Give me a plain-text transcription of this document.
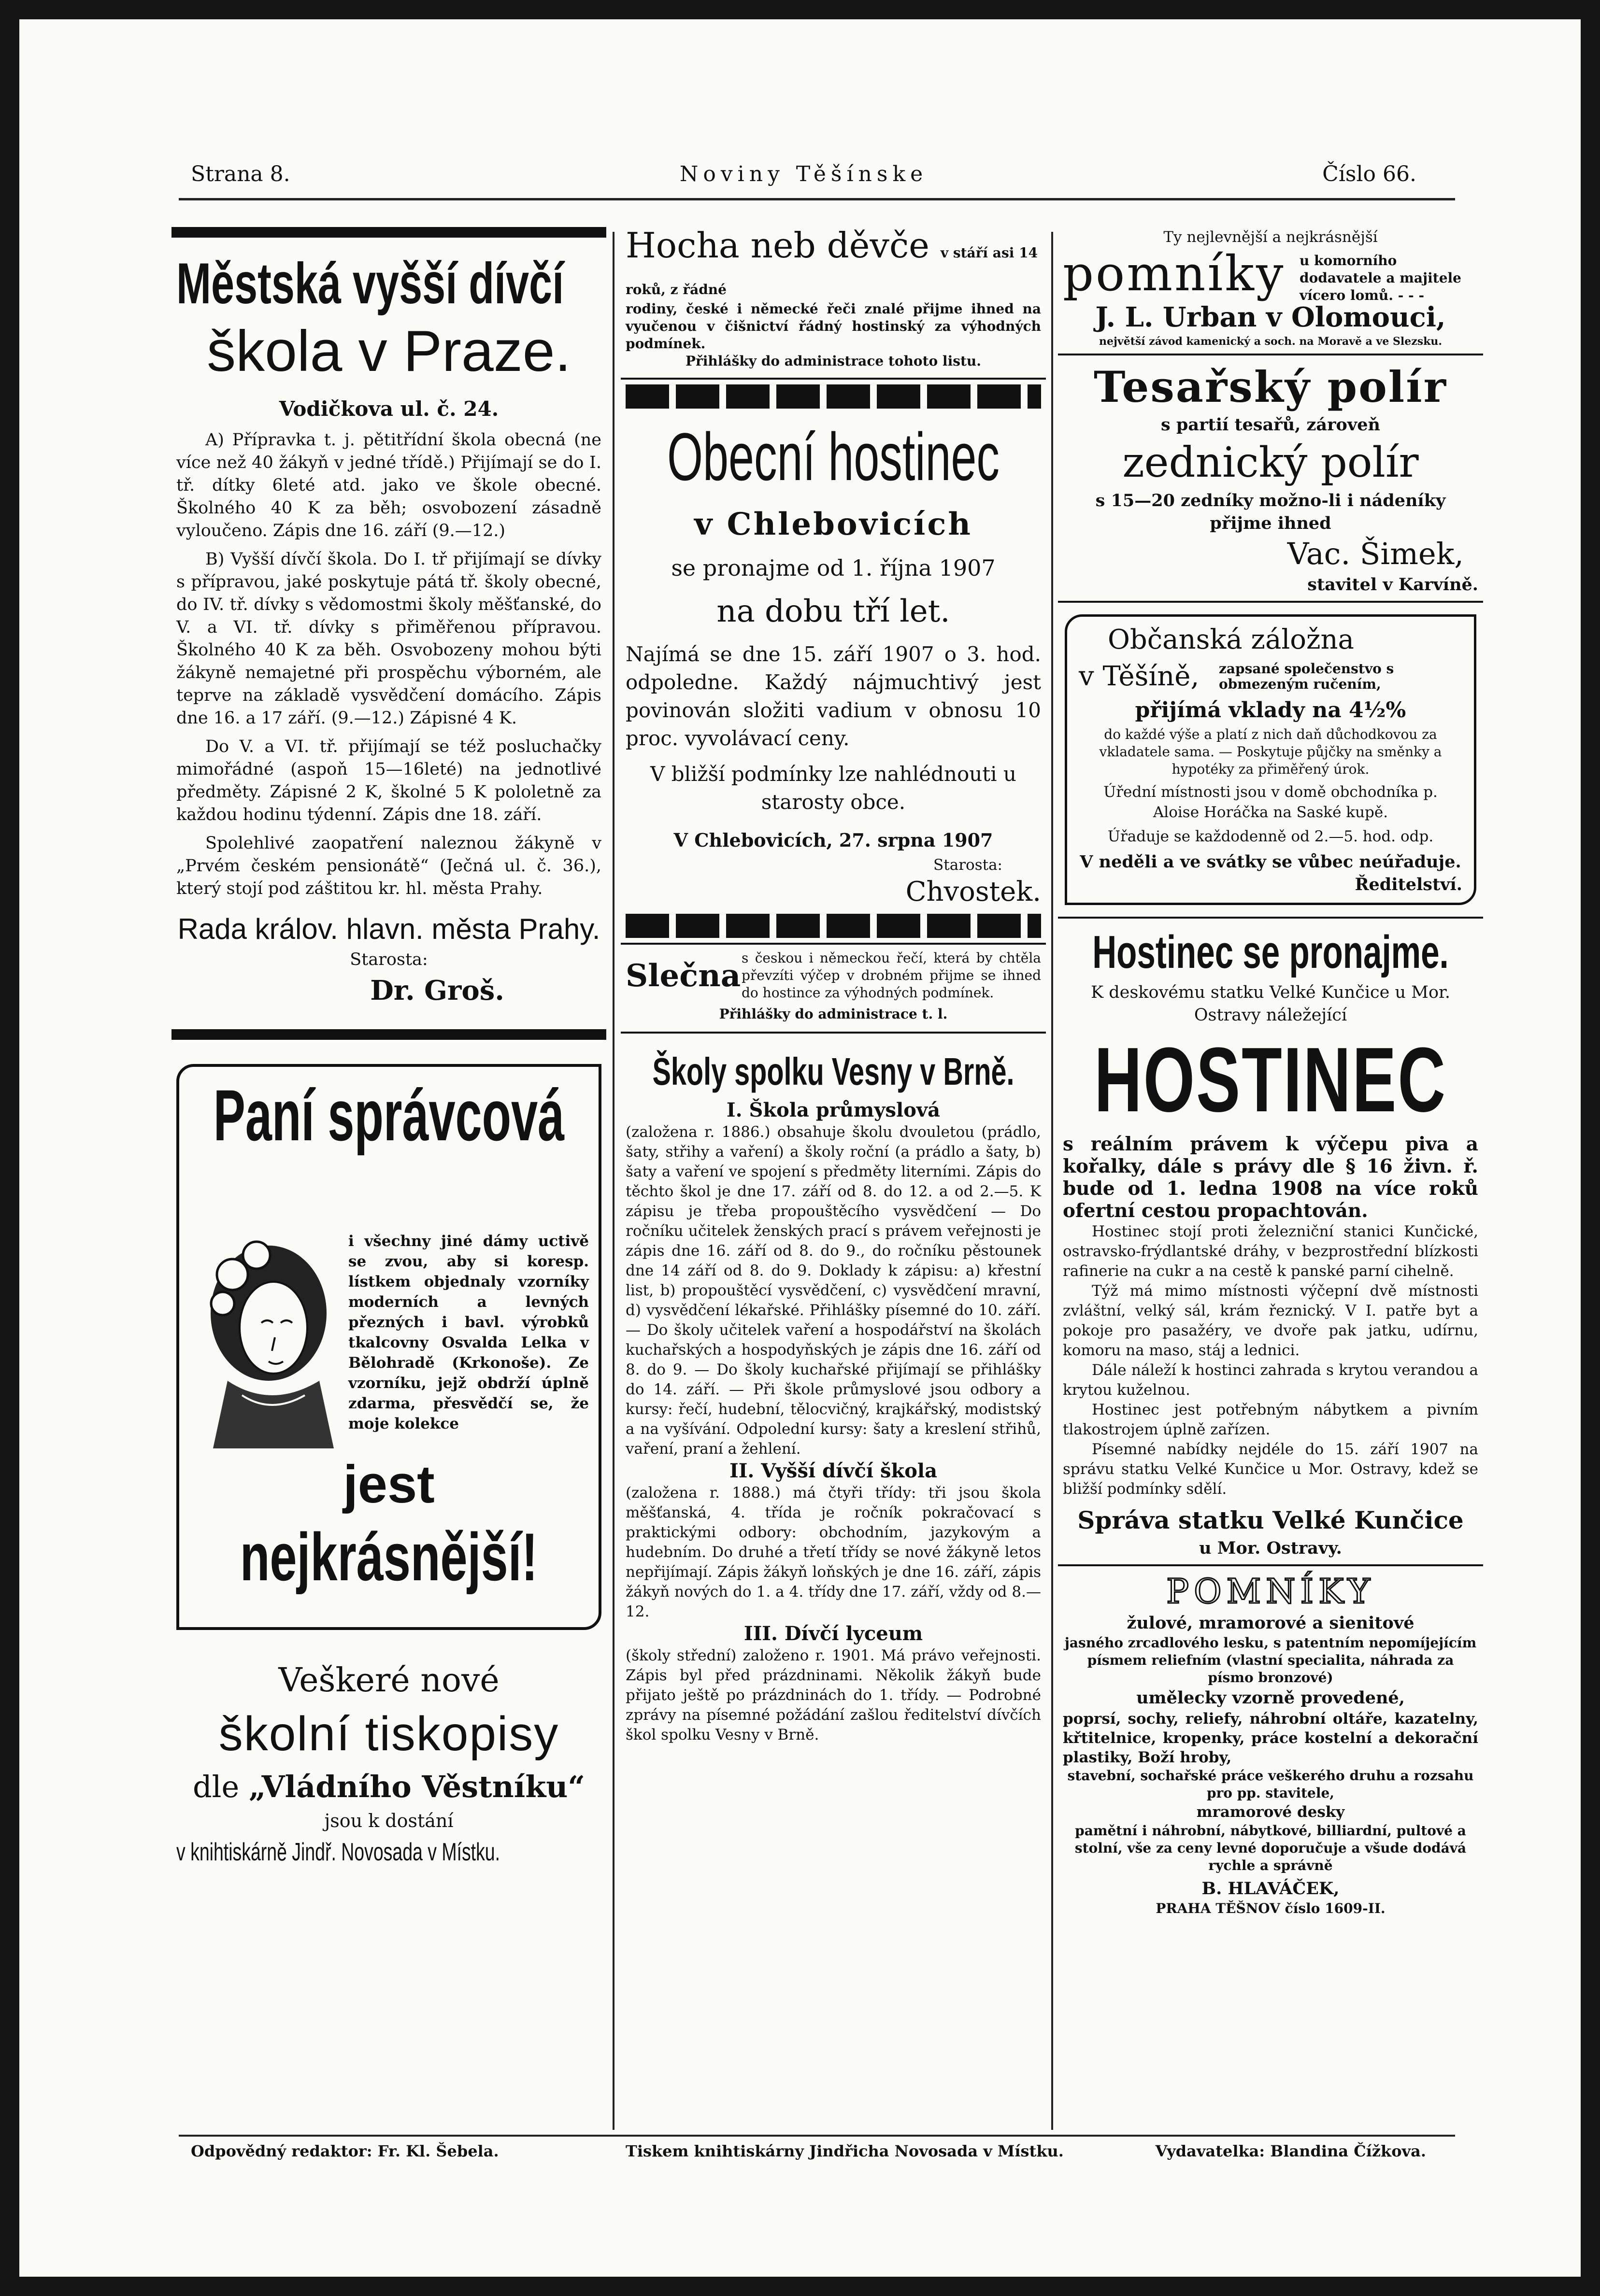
Strana 8.	Noviny Těšínske	Číslo 66.

Městská vyšší dívčí

škola v Praze.

Vodičkova ul. č. 24.

A) Přípravka t. j. pětitřídní škola obecná (ne více než 40 žákyň v jedné třídě.) Přijímají se do I. tř. dítky 6leté atd. jako ve škole obecné. Školného 40 K za běh; osvobození zásadně vyloučeno. Zápis dne 16. září (9.—12.)

B) Vyšší dívčí škola. Do I. tř přijímají se dívky s přípravou, jaké poskytuje pátá tř. školy obecné, do IV. tř. dívky s vědomostmi školy měšťanské, do V. a VI. tř. dívky s přiměřenou přípravou. Školného 40 K za běh. Osvobozeny mohou býti žákyně nemajetné při prospěchu výborném, ale teprve na základě vysvědčení domácího. Zápis dne 16. a 17 září. (9.—12.) Zápisné 4 K.

Do V. a VI. tř. přijímají se též posluchačky mimořádné (aspoň 15—16leté) na jednotlivé předměty. Zápisné 2 K, školné 5 K pololetně za každou hodinu týdenní. Zápis dne 18. září.

Spolehlivé zaopatření naleznou žákyně v „Prvém českém pensionátě“ (Ječná ul. č. 36.), který stojí pod záštitou kr. hl. města Prahy.

Rada králov. hlavn. města Prahy.

Starosta:

Dr. Groš.

Paní správcová

i všechny jiné dámy uctivě se zvou, aby si koresp. lístkem objednaly vzorníky moderních a levných přezných i bavl. výrobků tkalcovny Osvalda Lelka v Bělohradě (Krkonoše). Ze vzorníku, jejž obdrží úplně zdarma, přesvědčí se, že moje kolekce

jest

nejkrásnější!

Veškeré nové

školní tiskopisy

dle „Vládního Věstníku“

jsou k dostání

v knihtiskárně Jindř. Novosada v Místku.

Hocha neb děvče v stáří asi 14 roků, z řádné

rodiny, české i německé řeči znalé přijme ihned na vyučenou v čišnictví řádný hostinský za výhodných podmínek.

Přihlášky do administrace tohoto listu.

Obecní hostinec

v Chlebovicích

se pronajme od 1. října 1907

na dobu tří let.

Najímá se dne 15. září 1907 o 3. hod. odpoledne. Každý nájmuchtivý jest povinován složiti vadium v obnosu 10 proc. vyvolávací ceny.

V bližší podmínky lze nahlédnouti u starosty obce.

V Chlebovicích, 27. srpna 1907

Starosta:

Chvostek.

Slečna s českou i německou řečí, která by chtěla převzíti výčep v drobném přijme se ihned do hostince za výhodných podmínek.

Přihlášky do administrace t. l.

Školy spolku Vesny v Brně.

I. Škola průmyslová

(založena r. 1886.) obsahuje školu dvouletou (prádlo, šaty, střihy a vaření) a školy roční (a prádlo a šaty, b) šaty a vaření ve spojení s předměty literními. Zápis do těchto škol je dne 17. září od 8. do 12. a od 2.—5. K zápisu je třeba propouštěcího vysvědčení — Do ročníku učitelek ženských prací s právem veřejnosti je zápis dne 16. září od 8. do 9., do ročníku pěstounek dne 14 září od 8. do 9. Doklady k zápisu: a) křestní list, b) propouštěcí vysvědčení, c) vysvědčení mravní, d) vysvědčení lékařské. Přihlášky písemné do 10. září. — Do školy učitelek vaření a hospodářství na školách kuchařských a hospodyňských je zápis dne 16. září od 8. do 9. — Do školy kuchařské přijímají se přihlášky do 14. září. — Při škole průmyslové jsou odbory a kursy: řečí, hudební, tělocvičný, krajkářský, modistský a na vyšívání. Odpolední kursy: šaty a kreslení střihů, vaření, praní a žehlení.

II. Vyšší dívčí škola

(založena r. 1888.) má čtyři třídy: tři jsou škola měšťanská, 4. třída je ročník pokračovací s praktickými odbory: obchodním, jazykovým a hudebním. Do druhé a třetí třídy se nové žákyně letos nepřijímají. Zápis žákyň loňských je dne 16. září, zápis žákyň nových do 1. a 4. třídy dne 17. září, vždy od 8.—12.

III. Dívčí lyceum

(školy střední) založeno r. 1901. Má právo veřejnosti. Zápis byl před prázdninami. Několik žákyň bude přijato ještě po prázdninách do 1. třídy. — Podrobné zprávy na písemné požádání zašlou ředitelství dívčích škol spolku Vesny v Brně.

Ty nejlevnější a nejkrásnější

pomníky u komorního dodavatele a majitele vícero lomů. - - -

J. L. Urban v Olomouci,

největší závod kamenický a soch. na Moravě a ve Slezsku.

Tesařský polír

s partií tesařů, zároveň

zednický polír

s 15—20 zedníky možno-li i nádeníky

přijme ihned

Vac. Šimek,

stavitel v Karvíně.

Občanská záložna

v Těšíně, zapsané společenstvo s obmezeným ručením,

přijímá vklady na 4½%

do každé výše a platí z nich daň důchodkovou za vkladatele sama. — Poskytuje půjčky na směnky a hypotéky za přiměřený úrok.

Úřední místnosti jsou v domě obchodníka p. Aloise Horáčka na Saské kupě.

Úřaduje se každodenně od 2.—5. hod. odp.

V neděli a ve svátky se vůbec neúřaduje.

Ředitelství.

Hostinec se pronajme.

K deskovému statku Velké Kunčice u Mor. Ostravy náležející

HOSTINEC

s reálním právem k výčepu piva a kořalky, dále s právy dle § 16 živn. ř. bude od 1. ledna 1908 na více roků ofertní cestou propachtován.

Hostinec stojí proti železniční stanici Kunčické, ostravsko-frýdlantské dráhy, v bezprostřední blízkosti rafinerie na cukr a na cestě k panské parní cihelně.

Týž má mimo místnosti výčepní dvě místnosti zvláštní, velký sál, krám řeznický. V I. patře byt a pokoje pro pasažéry, ve dvoře pak jatku, udírnu, komoru na maso, stáj a lednici.

Dále náleží k hostinci zahrada s krytou verandou a krytou kuželnou.

Hostinec jest potřebným nábytkem a pivním tlakostrojem úplně zařízen.

Písemné nabídky nejdéle do 15. září 1907 na správu statku Velké Kunčice u Mor. Ostravy, kdež se bližší podmínky sdělí.

Správa statku Velké Kunčice

u Mor. Ostravy.

POMNÍKY

žulové, mramorové a sienitové

jasného zrcadlového lesku, s patentním nepomíjejícím písmem reliefním (vlastní specialita, náhrada za písmo bronzové)

umělecky vzorně provedené,

poprsí, sochy, reliefy, náhrobní oltáře, kazatelny, křtitelnice, kropenky, práce kostelní a dekorační plastiky, Boží hroby,

stavební, sochařské práce veškerého druhu a rozsahu pro pp. stavitele,

mramorové desky

pamětní i náhrobní, nábytkové, billiardní, pultové a stolní, vše za ceny levné doporučuje a všude dodává rychle a správně

B. HLAVÁČEK,

PRAHA TĚŠNOV číslo 1609-II.

Odpovědný redaktor: Fr. Kl. Šebela.	Tiskem knihtiskárny Jindřicha Novosada v Místku.	Vydavatelka: Blandina Čížkova.
